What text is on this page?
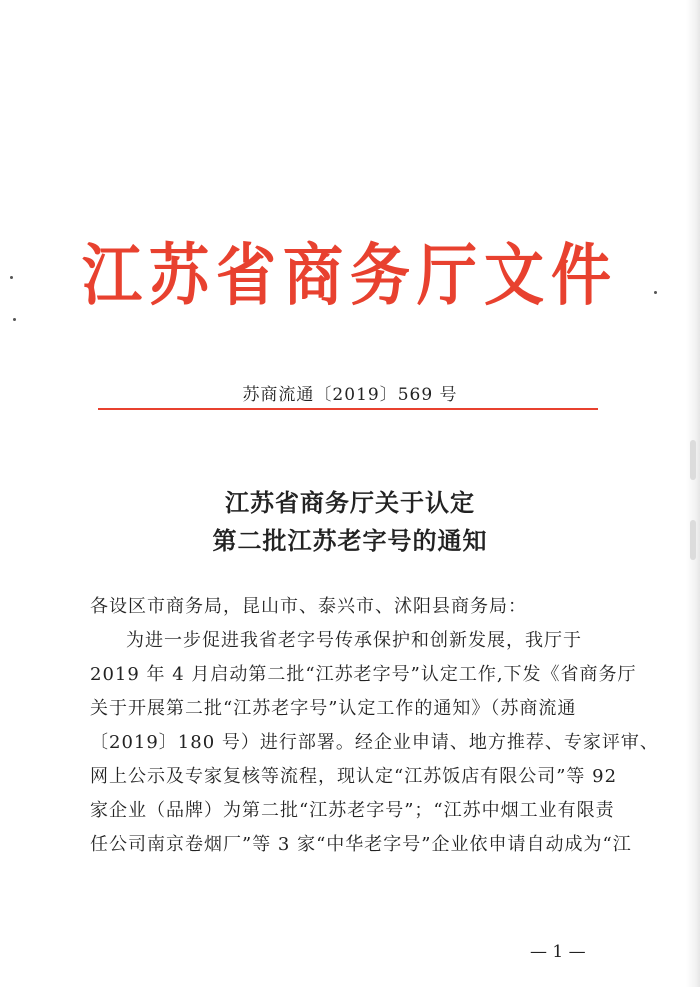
江苏省商务厅文件
苏商流通〔2019〕569 号
江苏省商务厅关于认定
第二批江苏老字号的通知
各设区市商务局，昆山市、泰兴市、沭阳县商务局：
为进一步促进我省老字号传承保护和创新发展，我厅于
2019 年 4 月启动第二批“江苏老字号”认定工作,下发《省商务厅
关于开展第二批“江苏老字号”认定工作的通知》（苏商流通
〔2019〕180 号）进行部署。经企业申请、地方推荐、专家评审、
网上公示及专家复核等流程，现认定“江苏饭店有限公司”等 92
家企业（品牌）为第二批“江苏老字号”；“江苏中烟工业有限责
任公司南京卷烟厂”等 3 家“中华老字号”企业依申请自动成为“江
— 1 —
